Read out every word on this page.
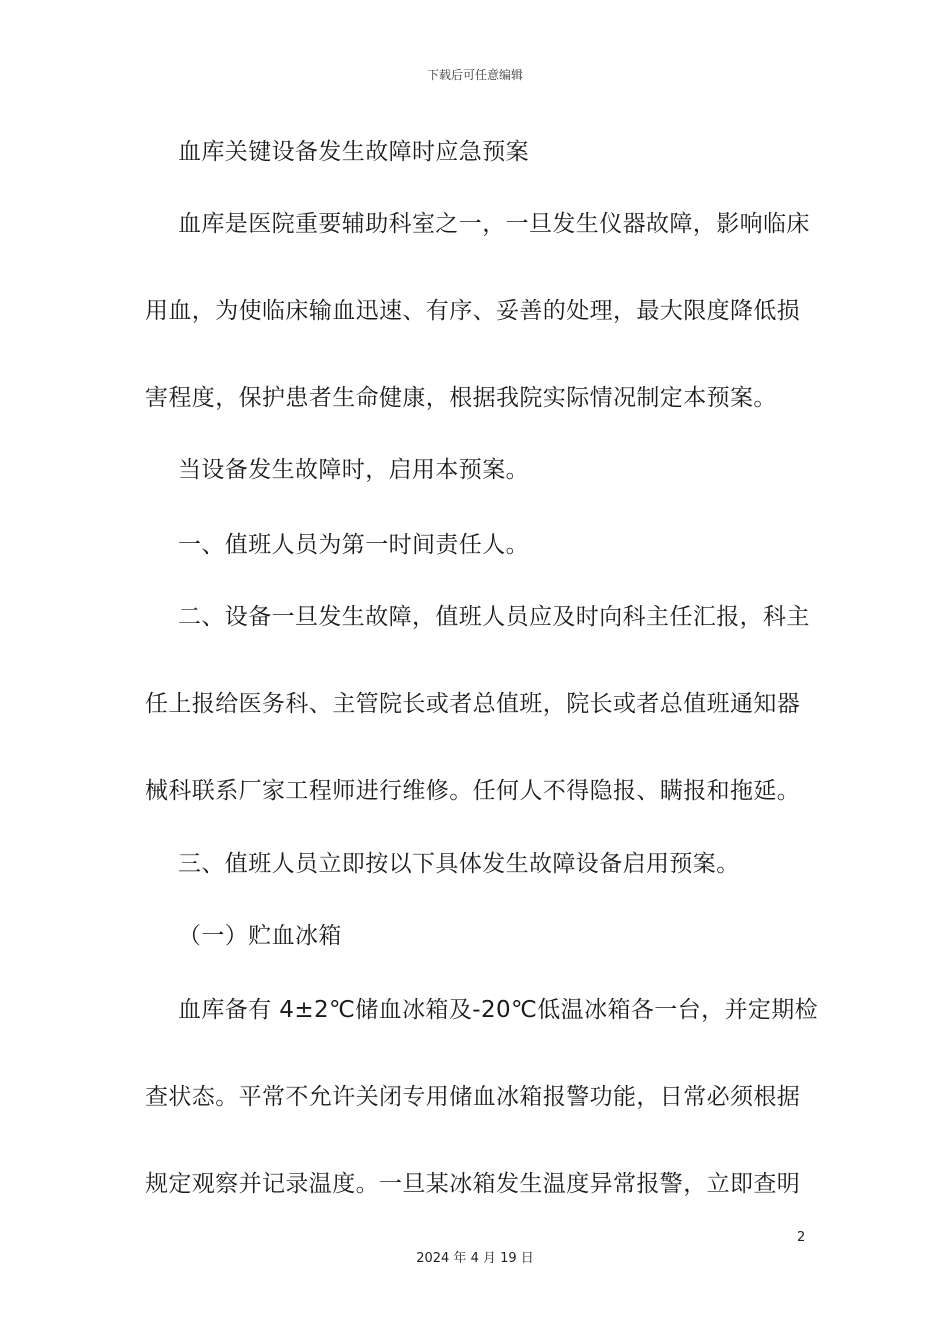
下载后可任意编辑
血库关键设备发生故障时应急预案
血库是医院重要辅助科室之一，一旦发生仪器故障，影响临床
用血，为使临床输血迅速、有序、妥善的处理，最大限度降低损
害程度，保护患者生命健康，根据我院实际情况制定本预案。
当设备发生故障时，启用本预案。
一、值班人员为第一时间责任人。
二、设备一旦发生故障，值班人员应及时向科主任汇报，科主
任上报给医务科、主管院长或者总值班，院长或者总值班通知器
械科联系厂家工程师进行维修。任何人不得隐报、瞒报和拖延。
三、值班人员立即按以下具体发生故障设备启用预案。
（一）贮血冰箱
血库备有 4±2℃储血冰箱及-20℃低温冰箱各一台，并定期检
查状态。平常不允许关闭专用储血冰箱报警功能，日常必须根据
规定观察并记录温度。一旦某冰箱发生温度异常报警，立即查明
2
2024 年 4 月 19 日
